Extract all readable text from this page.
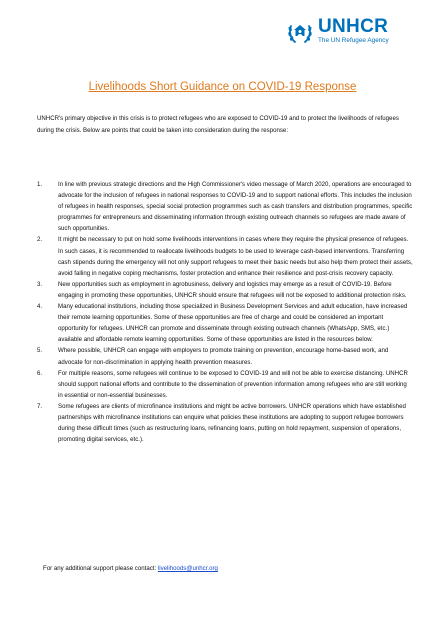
UNHCR
The UN Refugee Agency
Livelihoods Short Guidance on COVID-19 Response
UNHCR's primary objective in this crisis is to protect refugees who are exposed to COVID-19 and to protect the livelihoods of refugees during the crisis. Below are points that could be taken into consideration during the response:
1.	In line with previous strategic directions and the High Commissioner's video message of March 2020, operations are encouraged to advocate for the inclusion of refugees in national responses to COVID-19 and to support national efforts. This includes the inclusion of refugees in health responses, special social protection programmes such as cash transfers and distribution programmes, specific programmes for entrepreneurs and disseminating information through existing outreach channels so refugees are made aware of such opportunities.
2.	It might be necessary to put on hold some livelihoods interventions in cases where they require the physical presence of refugees. In such cases, it is recommended to reallocate livelihoods budgets to be used to leverage cash-based interventions. Transferring cash stipends during the emergency will not only support refugees to meet their basic needs but also help them protect their assets, avoid falling in negative coping mechanisms, foster protection and enhance their resilience and post-crisis recovery capacity.
3.	New opportunities such as employment in agrobusiness, delivery and logistics may emerge as a result of COVID-19. Before engaging in promoting these opportunities, UNHCR should ensure that refugees will not be exposed to additional protection risks.
4.	Many educational institutions, including those specialized in Business Development Services and adult education, have increased their remote learning opportunities. Some of these opportunities are free of charge and could be considered an important opportunity for refugees. UNHCR can promote and disseminate through existing outreach channels (WhatsApp, SMS, etc.) available and affordable remote learning opportunities. Some of these opportunities are listed in the resources below.
5.	Where possible, UNHCR can engage with employers to promote training on prevention, encourage home-based work, and advocate for non-discrimination in applying health prevention measures.
6.	For multiple reasons, some refugees will continue to be exposed to COVID-19 and will not be able to exercise distancing. UNHCR should support national efforts and contribute to the dissemination of prevention information among refugees who are still working in essential or non-essential businesses.
7.	Some refugees are clients of microfinance institutions and might be active borrowers. UNHCR operations which have established partnerships with microfinance institutions can enquire what policies these institutions are adopting to support refugee borrowers during these difficult times (such as restructuring loans, refinancing loans, putting on hold repayment, suspension of operations, promoting digital services, etc.).
For any additional support please contact: livelihoods@unhcr.org
